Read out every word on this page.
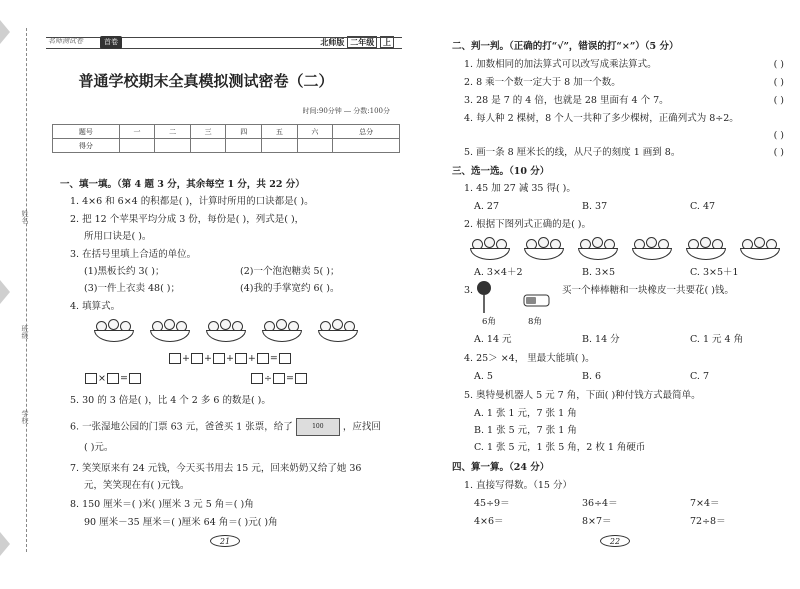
姓名
班级
学校
名师测试卷	首卷	北师版 二年级 上
普通学校期末全真模拟测试密卷（二）
时间:90分钟 ― 分数:100分
题号	一	二	三	四	五	六	总分
得分							
一、填一填。（第 4 题 3 分，其余每空 1 分，共 22 分）
1. 4×6 和 6×4 的积都是( )，计算时所用的口诀都是( )。
2. 把 12 个苹果平均分成 3 份，每份是( )，列式是( )，
所用口诀是( )。
3. 在括号里填上合适的单位。
(1)黑板长约 3( )；	(2)一个泡泡糖卖 5( )；
(3)一件上衣卖 48( )；	(4)我的手掌宽约 6( )。
4. 填算式。
+ + + + =
× =	÷ =
5. 30 的 3 倍是( )，比 4 个 2 多 6 的数是( )。
6. 一张湿地公园的门票 63 元，爸爸买 1 张票，给了	100 ，应找回
( )元。
7. 笑笑原来有 24 元钱，今天买书用去 15 元，回来奶奶又给了她 36
元，笑笑现在有( )元钱。
8. 150 厘米＝( )米( )厘米 3 元 5 角＝( )角
90 厘米－35 厘米＝( )厘米 64 角＝( )元( )角
21
二、判一判。（正确的打“√”，错误的打“×”）（5 分）
1. 加数相同的加法算式可以改写成乘法算式。	( )
2. 8 乘一个数一定大于 8 加一个数。	( )
3. 28 是 7 的 4 倍，也就是 28 里面有 4 个 7。	( )
4. 每人种 2 棵树，8 个人一共种了多少棵树，正确列式为 8÷2。
( )
5. 画一条 8 厘米长的线，从尺子的刻度 1 画到 8。	( )
三、选一选。（10 分）
1. 45 加 27 减 35 得( )。
A. 27	B. 37	C. 47
2. 根据下图列式正确的是( )。
A. 3×4＋2	B. 3×5	C. 3×5＋1
3.	买一个棒棒糖和一块橡皮一共要花( )钱。
6角	8角
A. 14 元	B. 14 分	C. 1 元 4 角
4. 25＞ ×4， 里最大能填( )。
A. 5	B. 6	C. 7
5. 奥特曼机器人 5 元 7 角，下面( )种付钱方式最简单。
A. 1 张 1 元，7 张 1 角
B. 1 张 5 元，7 张 1 角
C. 1 张 5 元，1 张 5 角，2 枚 1 角硬币
四、算一算。（24 分）
1. 直接写得数。（15 分）
45÷9＝	36÷4＝	7×4＝
4×6＝	8×7＝	72÷8＝
22
